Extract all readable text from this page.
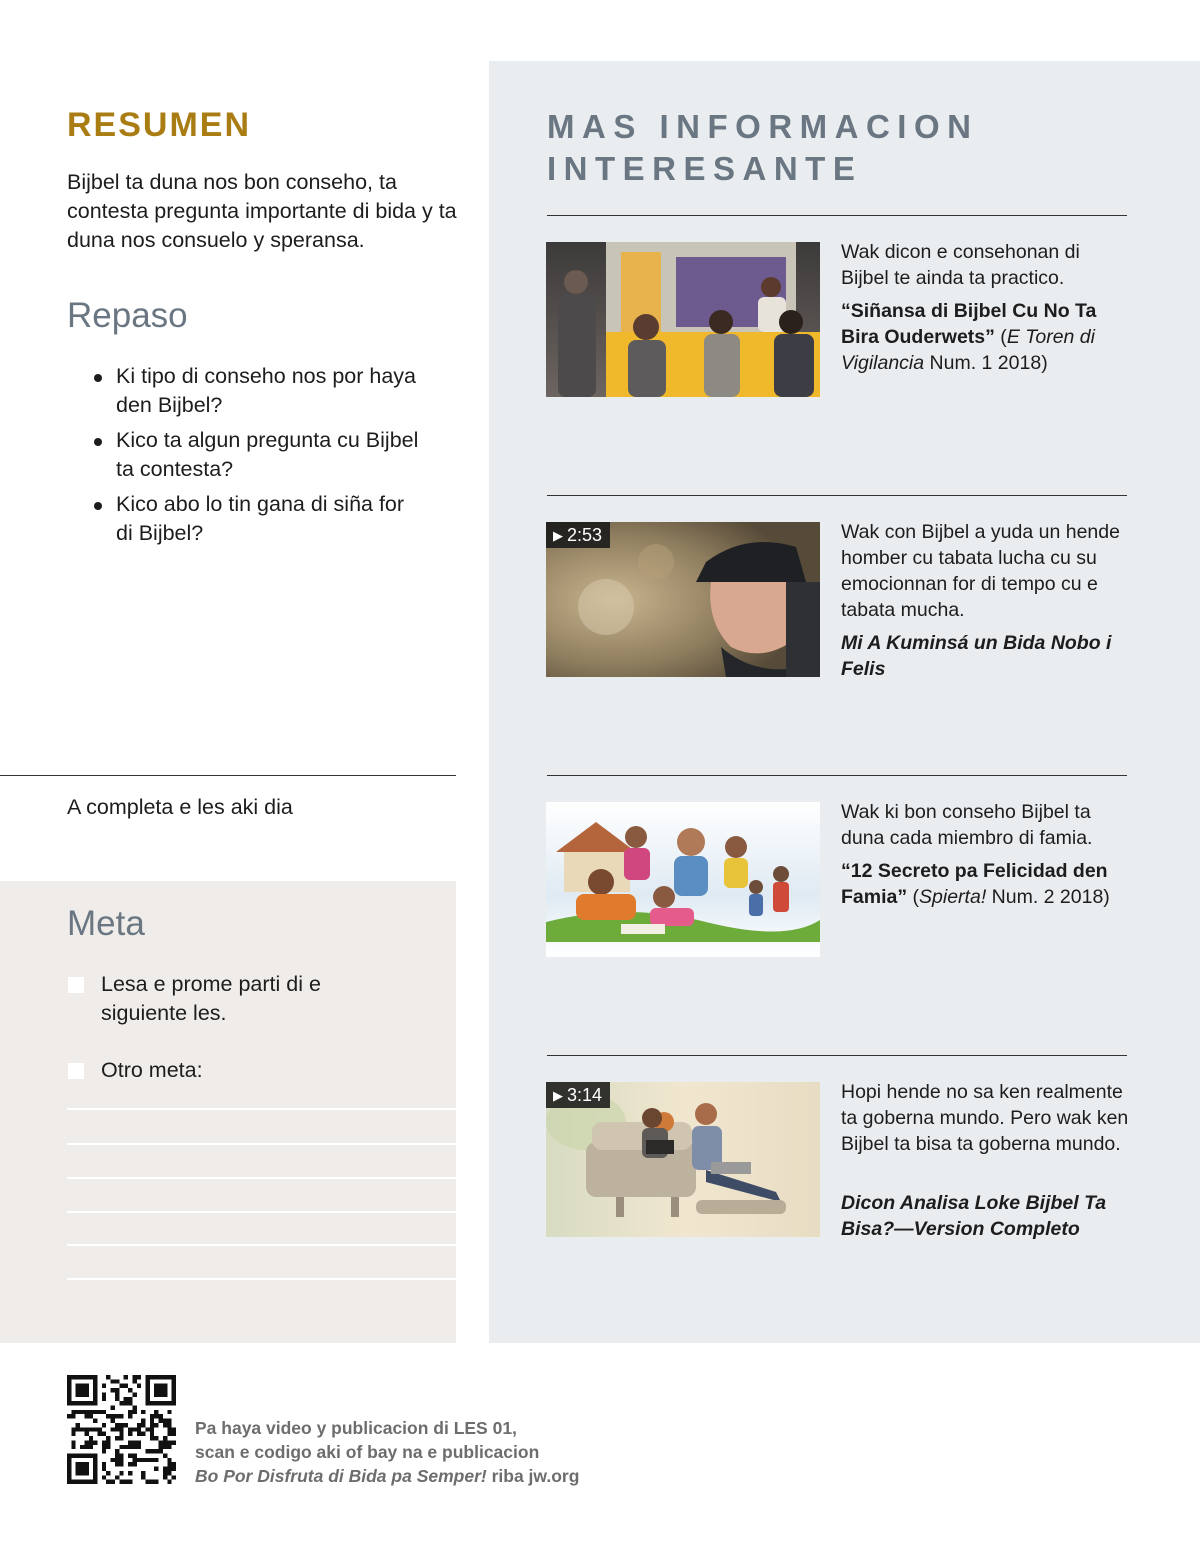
RESUMEN
Bijbel ta duna nos bon conseho, ta contesta pregunta importante di bida y ta duna nos consuelo y speransa.
Repaso
Ki tipo di conseho nos por haya den Bijbel?
Kico ta algun pregunta cu Bijbel ta contesta?
Kico abo lo tin gana di siña for di Bijbel?
A completa e les aki dia
Meta
Lesa e prome parti di e siguiente les.
Otro meta:
MAS INFORMACION
INTERESANTE
Wak dicon e consehonan di Bijbel te ainda ta practico.
“Siñansa di Bijbel Cu No Ta Bira Ouderwets” (E Toren di Vigilancia Num. 1 2018)
▶ 2:53	Wak con Bijbel a yuda un hende homber cu tabata lucha cu su emocionnan for di tempo cu e tabata mucha.
Mi A Kuminsá un Bida Nobo i Felis
Wak ki bon conseho Bijbel ta duna cada miembro di famia.
“12 Secreto pa Felicidad den Famia” (Spierta! Num. 2 2018)
▶ 3:14	Hopi hende no sa ken realmente ta goberna mundo. Pero wak ken Bijbel ta bisa ta goberna mundo.
Dicon Analisa Loke Bijbel Ta Bisa?—Version Completo
Pa haya video y publicacion di LES 01,
scan e codigo aki of bay na e publicacion
Bo Por Disfruta di Bida pa Semper! riba jw.org
